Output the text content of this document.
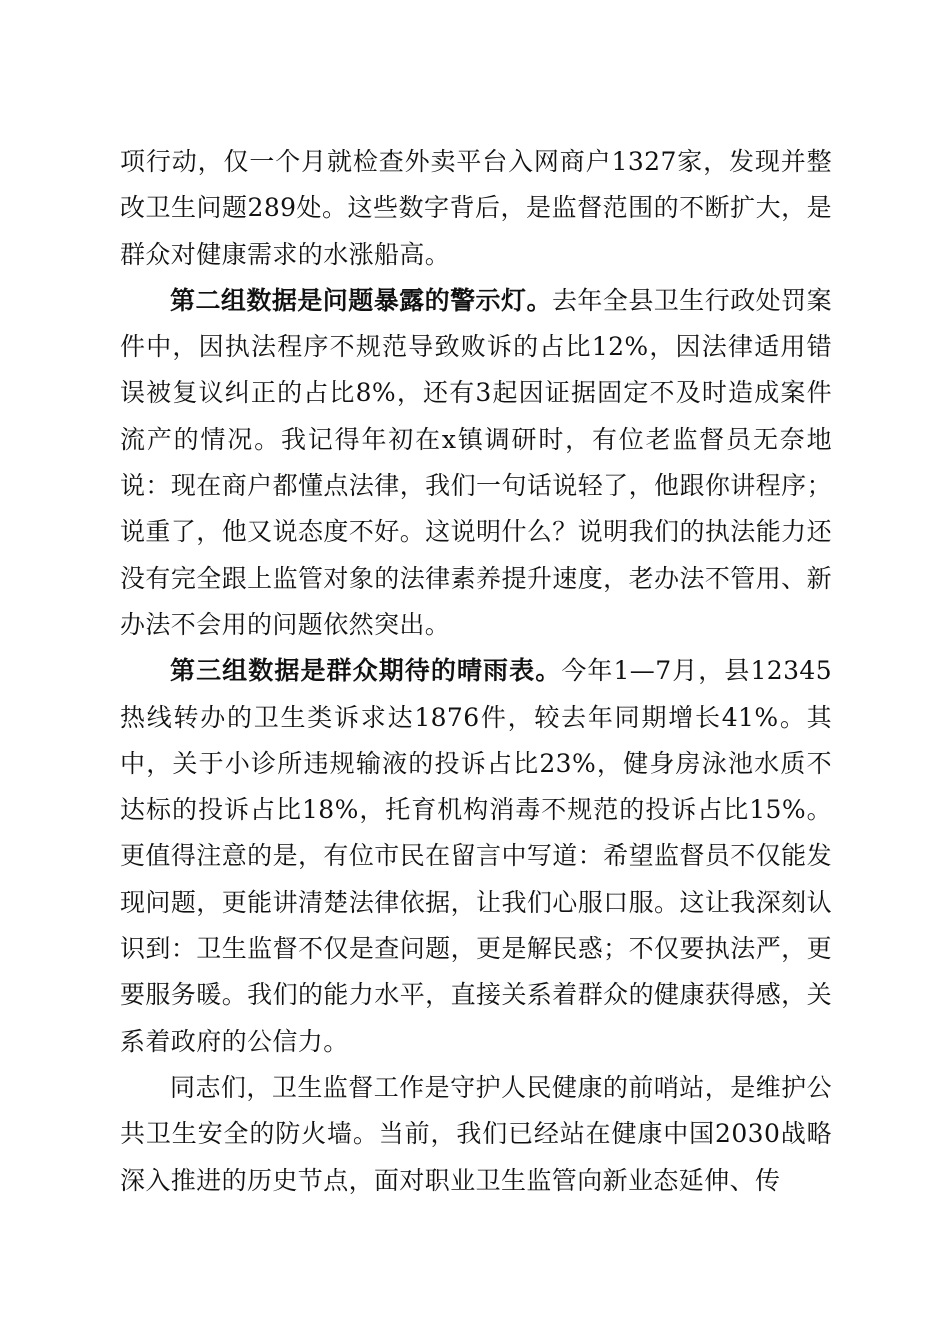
项行动，仅一个月就检查外卖平台入网商户1327家，发现并整改卫生问题289处。这些数字背后，是监督范围的不断扩大，是群众对健康需求的水涨船高。

第二组数据是问题暴露的警示灯。去年全县卫生行政处罚案件中，因执法程序不规范导致败诉的占比12%，因法律适用错误被复议纠正的占比8%，还有3起因证据固定不及时造成案件流产的情况。我记得年初在x镇调研时，有位老监督员无奈地说：现在商户都懂点法律，我们一句话说轻了，他跟你讲程序；说重了，他又说态度不好。这说明什么？说明我们的执法能力还没有完全跟上监管对象的法律素养提升速度，老办法不管用、新办法不会用的问题依然突出。

第三组数据是群众期待的晴雨表。今年1—7月，县12345热线转办的卫生类诉求达1876件，较去年同期增长41%。其中，关于小诊所违规输液的投诉占比23%，健身房泳池水质不达标的投诉占比18%，托育机构消毒不规范的投诉占比15%。更值得注意的是，有位市民在留言中写道：希望监督员不仅能发现问题，更能讲清楚法律依据，让我们心服口服。这让我深刻认识到：卫生监督不仅是查问题，更是解民惑；不仅要执法严，更要服务暖。我们的能力水平，直接关系着群众的健康获得感，关系着政府的公信力。

同志们，卫生监督工作是守护人民健康的前哨站，是维护公共卫生安全的防火墙。当前，我们已经站在健康中国2030战略深入推进的历史节点，面对职业卫生监管向新业态延伸、传
